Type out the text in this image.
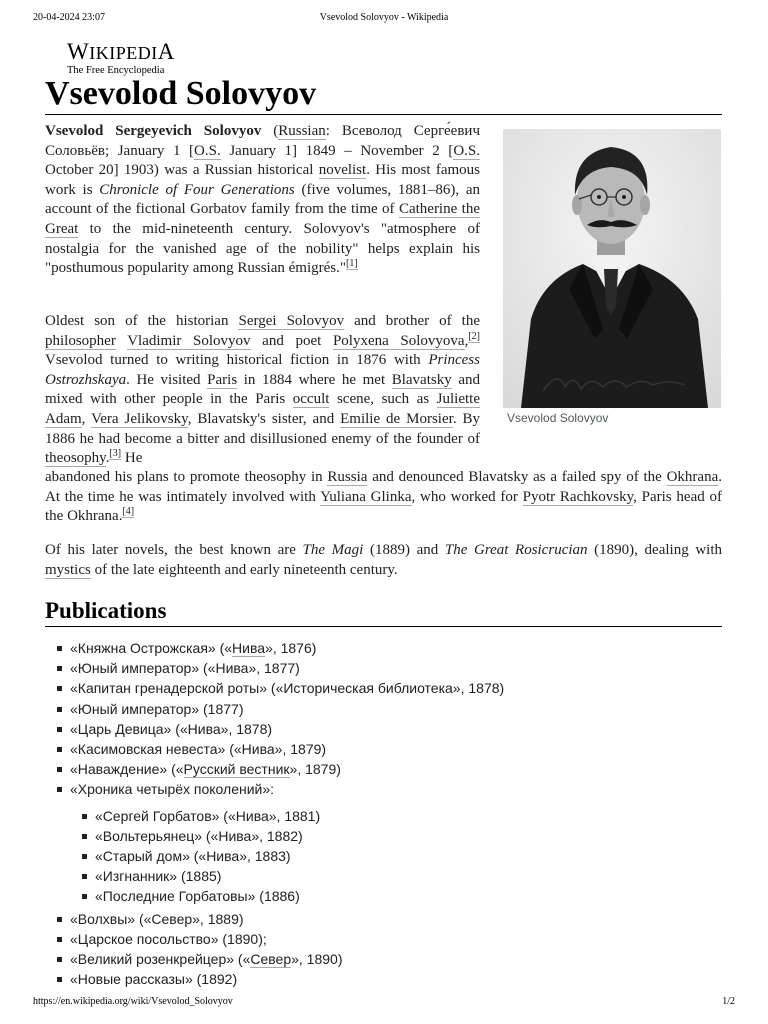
20-04-2024 23:07	Vsevolod Solovyov - Wikipedia
WIKIPEDIA
The Free Encyclopedia
Vsevolod Solovyov
Vsevolod Solovyov

Vsevolod Sergeyevich Solovyov (Russian: Всеволод Серге́евич Соловьёв; January 1 [O.S. January 1] 1849 – November 2 [O.S. October 20] 1903) was a Russian historical novelist. His most famous work is Chronicle of Four Generations (five volumes, 1881–86), an account of the fictional Gorbatov family from the time of Catherine the Great to the mid-nineteenth century. Solovyov's "atmosphere of nostalgia for the vanished age of the nobility" helps explain his "posthumous popularity among Russian émigrés."[1]

Oldest son of the historian Sergei Solovyov and brother of the philosopher Vladimir Solovyov and poet Polyxena Solovyova,[2] Vsevolod turned to writing historical fiction in 1876 with Princess Ostrozhskaya. He visited Paris in 1884 where he met Blavatsky and mixed with other people in the Paris occult scene, such as Juliette Adam, Vera Jelikovsky, Blavatsky's sister, and Emilie de Morsier. By 1886 he had become a bitter and disillusioned enemy of the founder of theosophy.[3] He

abandoned his plans to promote theosophy in Russia and denounced Blavatsky as a failed spy of the Okhrana. At the time he was intimately involved with Yuliana Glinka, who worked for Pyotr Rachkovsky, Paris head of the Okhrana.[4]

Of his later novels, the best known are The Magi (1889) and The Great Rosicrucian (1890), dealing with mystics of the late eighteenth and early nineteenth century.

Publications
«Княжна Острожская» («Нива», 1876)
«Юный император» («Нива», 1877)
«Капитан гренадерской роты» («Историческая библиотека», 1878)
«Юный император» (1877)
«Царь Девица» («Нива», 1878)
«Касимовская невеста» («Нива», 1879)
«Наваждение» («Русский вестник», 1879)
«Хроника четырёх поколений»:
«Сергей Горбатов» («Нива», 1881)
«Вольтерьянец» («Нива», 1882)
«Старый дом» («Нива», 1883)
«Изгнанник» (1885)
«Последние Горбатовы» (1886)
«Волхвы» («Север», 1889)
«Царское посольство» (1890);
«Великий розенкрейцер» («Север», 1890)
«Новые рассказы» (1892)
https://en.wikipedia.org/wiki/Vsevolod_Solovyov	1/2
